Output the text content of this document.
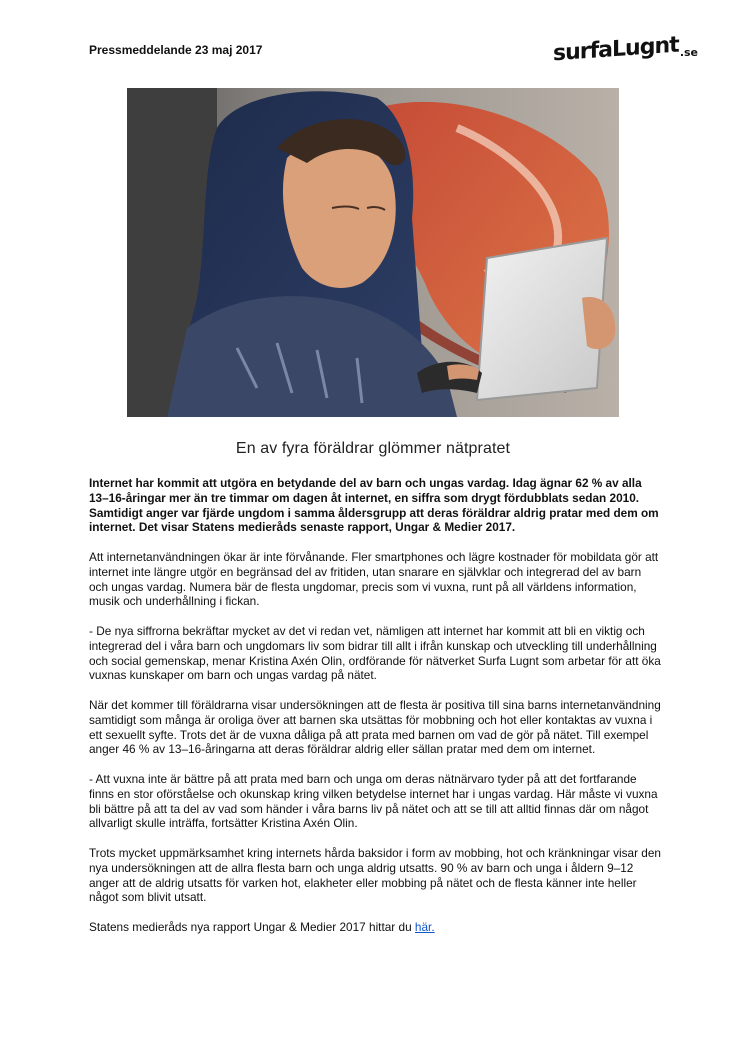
Pressmeddelande 23 maj 2017	surfaLugnt .se
En av fyra föräldrar glömmer nätpratet

Internet har kommit att utgöra en betydande del av barn och ungas vardag. Idag ägnar 62 % av alla 13–16-åringar mer än tre timmar om dagen åt internet, en siffra som drygt fördubblats sedan 2010. Samtidigt anger var fjärde ungdom i samma åldersgrupp att deras föräldrar aldrig pratar med dem om internet. Det visar Statens medieråds senaste rapport, Ungar & Medier 2017.

Att internetanvändningen ökar är inte förvånande. Fler smartphones och lägre kostnader för mobildata gör att internet inte längre utgör en begränsad del av fritiden, utan snarare en självklar och integrerad del av barn och ungas vardag. Numera bär de flesta ungdomar, precis som vi vuxna, runt på all världens information, musik och underhållning i fickan.

- De nya siffrorna bekräftar mycket av det vi redan vet, nämligen att internet har kommit att bli en viktig och integrerad del i våra barn och ungdomars liv som bidrar till allt i ifrån kunskap och utveckling till underhållning och social gemenskap, menar Kristina Axén Olin, ordförande för nätverket Surfa Lugnt som arbetar för att öka vuxnas kunskaper om barn och ungas vardag på nätet.

När det kommer till föräldrarna visar undersökningen att de flesta är positiva till sina barns internetanvändning samtidigt som många är oroliga över att barnen ska utsättas för mobbning och hot eller kontaktas av vuxna i ett sexuellt syfte. Trots det är de vuxna dåliga på att prata med barnen om vad de gör på nätet. Till exempel anger 46 % av 13–16-åringarna att deras föräldrar aldrig eller sällan pratar med dem om internet.

- Att vuxna inte är bättre på att prata med barn och unga om deras nätnärvaro tyder på att det fortfarande finns en stor oförståelse och okunskap kring vilken betydelse internet har i ungas vardag. Här måste vi vuxna bli bättre på att ta del av vad som händer i våra barns liv på nätet och att se till att alltid finnas där om något allvarligt skulle inträffa, fortsätter Kristina Axén Olin.

Trots mycket uppmärksamhet kring internets hårda baksidor i form av mobbing, hot och kränkningar visar den nya undersökningen att de allra flesta barn och unga aldrig utsatts. 90 % av barn och unga i åldern 9–12 anger att de aldrig utsatts för varken hot, elakheter eller mobbing på nätet och de flesta känner inte heller något som blivit utsatt.

Statens medieråds nya rapport Ungar & Medier 2017 hittar du här.
